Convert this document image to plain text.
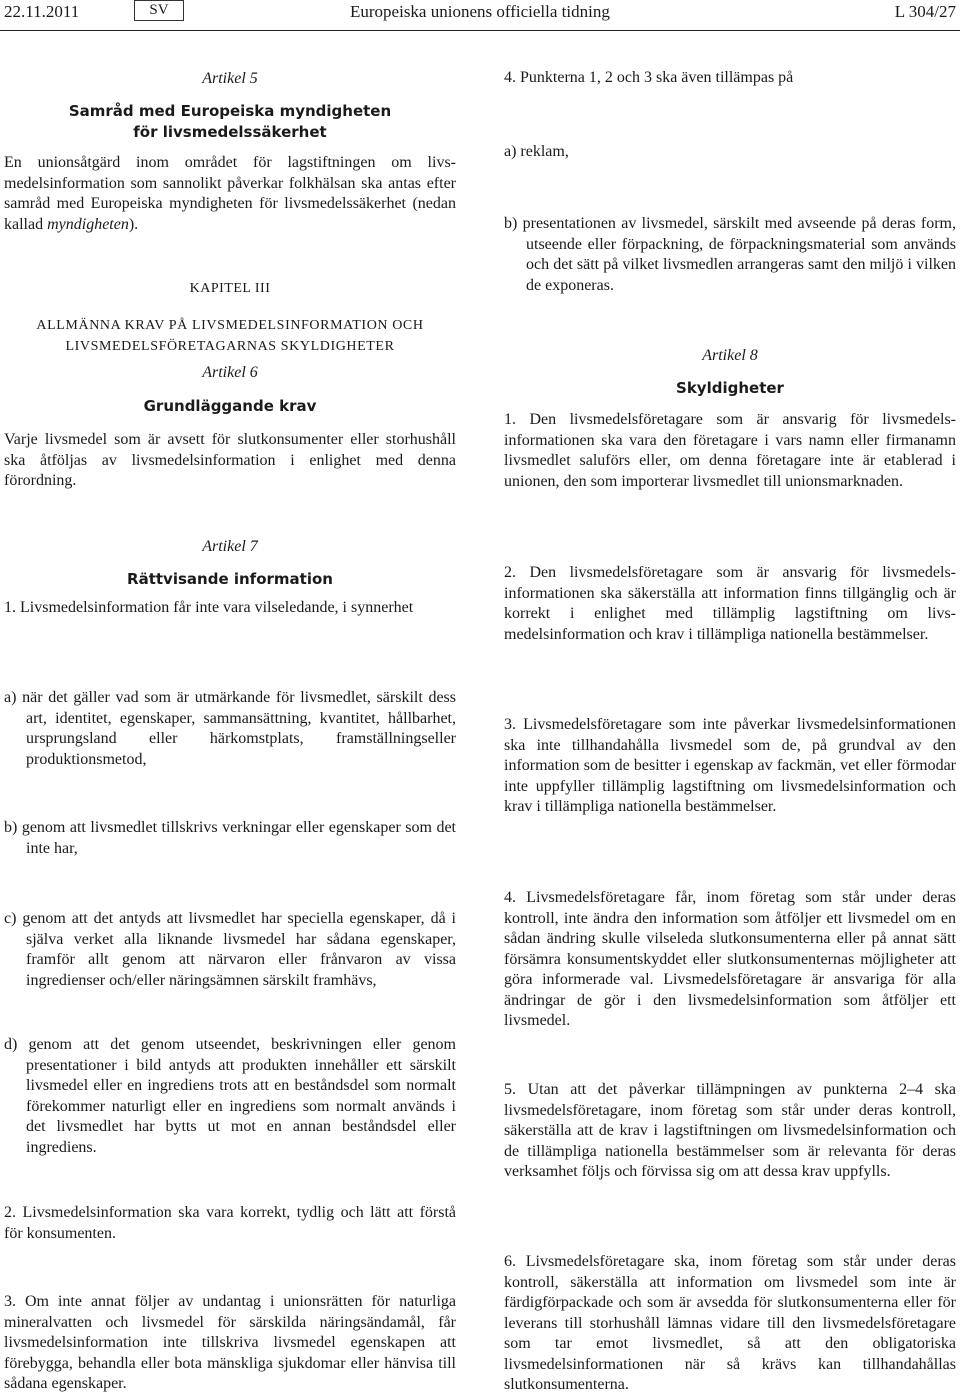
22.11.2011	SV	Europeiska unionens officiella tidning	L 304/27
Artikel 5
Samråd med Europeiska myndigheten för livsmedelssäkerhet
En unionsåtgärd inom området för lagstiftningen om livsmedelsinformation som sannolikt påverkar folkhälsan ska antas efter samråd med Europeiska myndigheten för livsmedelssäkerhet (nedan kallad myndigheten).
KAPITEL III
ALLMÄNNA KRAV PÅ LIVSMEDELSINFORMATION OCH LIVSMEDELSFÖRETAGARNAS SKYLDIGHETER
Artikel 6
Grundläggande krav
Varje livsmedel som är avsett för slutkonsumenter eller storhushåll ska åtföljas av livsmedelsinformation i enlighet med denna förordning.
Artikel 7
Rättvisande information
1. Livsmedelsinformation får inte vara vilseledande, i synnerhet
a) när det gäller vad som är utmärkande för livsmedlet, särskilt dess art, identitet, egenskaper, sammansättning, kvantitet, hållbarhet, ursprungsland eller härkomstplats, framställningseller produktionsmetod,
b) genom att livsmedlet tillskrivs verkningar eller egenskaper som det inte har,
c) genom att det antyds att livsmedlet har speciella egenskaper, då i själva verket alla liknande livsmedel har sådana egenskaper, framför allt genom att närvaron eller frånvaron av vissa ingredienser och/eller näringsämnen särskilt framhävs,
d) genom att det genom utseendet, beskrivningen eller genom presentationer i bild antyds att produkten innehåller ett särskilt livsmedel eller en ingrediens trots att en beståndsdel som normalt förekommer naturligt eller en ingrediens som normalt används i det livsmedlet har bytts ut mot en annan beståndsdel eller ingrediens.
2. Livsmedelsinformation ska vara korrekt, tydlig och lätt att förstå för konsumenten.
3. Om inte annat följer av undantag i unionsrätten för naturliga mineralvatten och livsmedel för särskilda näringsändamål, får livsmedelsinformation inte tillskriva livsmedel egenskapen att förebygga, behandla eller bota mänskliga sjukdomar eller hänvisa till sådana egenskaper.
4. Punkterna 1, 2 och 3 ska även tillämpas på
a) reklam,
b) presentationen av livsmedel, särskilt med avseende på deras form, utseende eller förpackning, de förpackningsmaterial som används och det sätt på vilket livsmedlen arrangeras samt den miljö i vilken de exponeras.
Artikel 8
Skyldigheter
1. Den livsmedelsföretagare som är ansvarig för livsmedelsinformationen ska vara den företagare i vars namn eller firmanamn livsmedlet saluförs eller, om denna företagare inte är etablerad i unionen, den som importerar livsmedlet till unionsmarknaden.
2. Den livsmedelsföretagare som är ansvarig för livsmedelsinformationen ska säkerställa att information finns tillgänglig och är korrekt i enlighet med tillämplig lagstiftning om livsmedelsinformation och krav i tillämpliga nationella bestämmelser.
3. Livsmedelsföretagare som inte påverkar livsmedelsinformationen ska inte tillhandahålla livsmedel som de, på grundval av den information som de besitter i egenskap av fackmän, vet eller förmodar inte uppfyller tillämplig lagstiftning om livsmedelsinformation och krav i tillämpliga nationella bestämmelser.
4. Livsmedelsföretagare får, inom företag som står under deras kontroll, inte ändra den information som åtföljer ett livsmedel om en sådan ändring skulle vilseleda slutkonsumenterna eller på annat sätt försämra konsumentskyddet eller slutkonsumenternas möjligheter att göra informerade val. Livsmedelsföretagare är ansvariga för alla ändringar de gör i den livsmedelsinformation som åtföljer ett livsmedel.
5. Utan att det påverkar tillämpningen av punkterna 2–4 ska livsmedelsföretagare, inom företag som står under deras kontroll, säkerställa att de krav i lagstiftningen om livsmedelsinformation och de tillämpliga nationella bestämmelser som är relevanta för deras verksamhet följs och förvissa sig om att dessa krav uppfylls.
6. Livsmedelsföretagare ska, inom företag som står under deras kontroll, säkerställa att information om livsmedel som inte är färdigförpackade och som är avsedda för slutkonsumenterna eller för leverans till storhushåll lämnas vidare till den livsmedelsföretagare som tar emot livsmedlet, så att den obligatoriska livsmedelsinformationen när så krävs kan tillhandahållas slutkonsumenterna.
